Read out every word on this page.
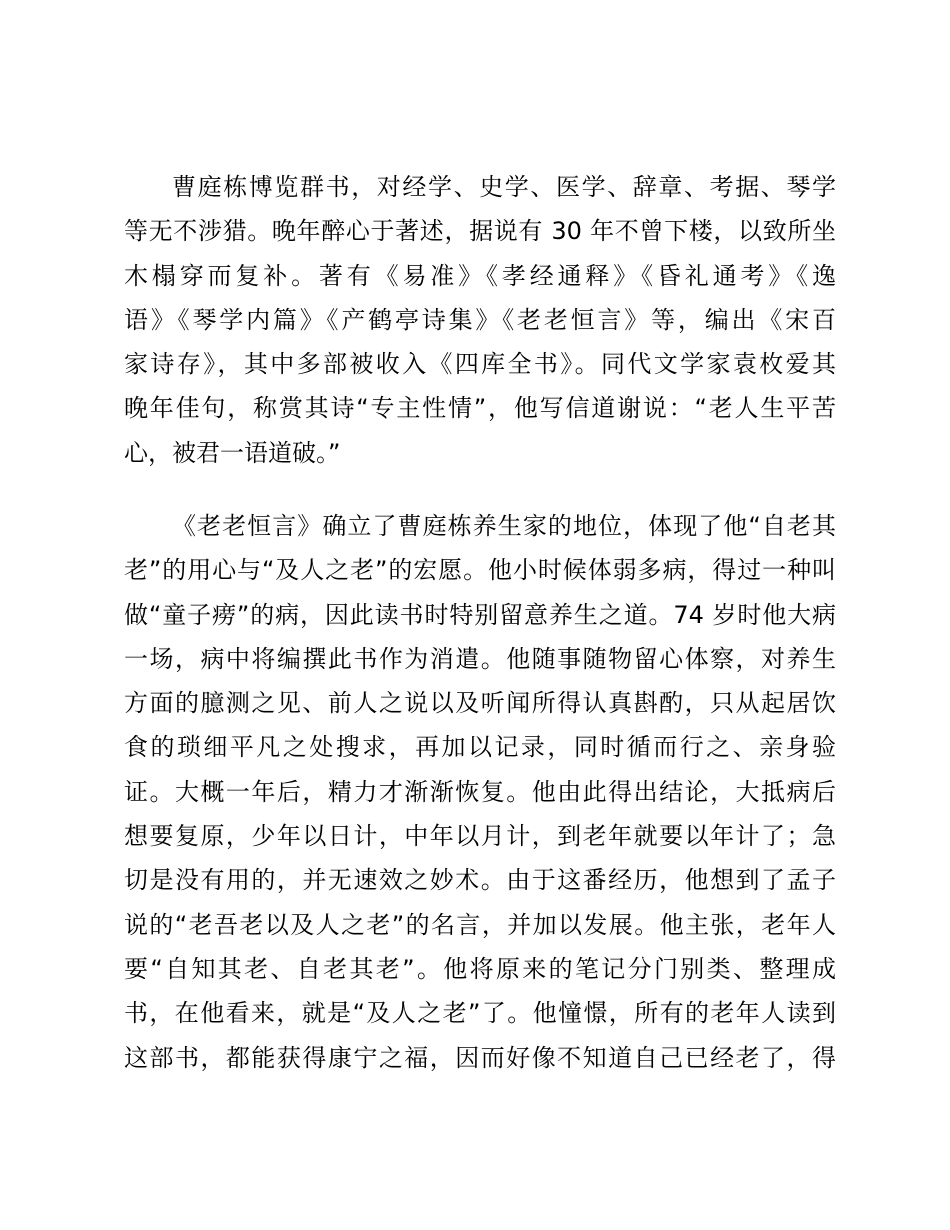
曹庭栋博览群书，对经学、史学、医学、辞章、考据、琴学
等无不涉猎。晚年醉心于著述，据说有 30 年不曾下楼，以致所坐
木榻穿而复补。著有《易准》《孝经通释》《昏礼通考》《逸
语》《琴学内篇》《产鹤亭诗集》《老老恒言》等，编出《宋百
家诗存》，其中多部被收入《四库全书》。同代文学家袁枚爱其
晚年佳句，称赏其诗“专主性情”，他写信道谢说：“老人生平苦
心，被君一语道破。”
《老老恒言》确立了曹庭栋养生家的地位，体现了他“自老其
老”的用心与“及人之老”的宏愿。他小时候体弱多病，得过一种叫
做“童子痨”的病，因此读书时特别留意养生之道。74 岁时他大病
一场，病中将编撰此书作为消遣。他随事随物留心体察，对养生
方面的臆测之见、前人之说以及听闻所得认真斟酌，只从起居饮
食的琐细平凡之处搜求，再加以记录，同时循而行之、亲身验
证。大概一年后，精力才渐渐恢复。他由此得出结论，大抵病后
想要复原，少年以日计，中年以月计，到老年就要以年计了；急
切是没有用的，并无速效之妙术。由于这番经历，他想到了孟子
说的“老吾老以及人之老”的名言，并加以发展。他主张，老年人
要“自知其老、自老其老”。他将原来的笔记分门别类、整理成
书，在他看来，就是“及人之老”了。他憧憬，所有的老年人读到
这部书，都能获得康宁之福，因而好像不知道自己已经老了，得
